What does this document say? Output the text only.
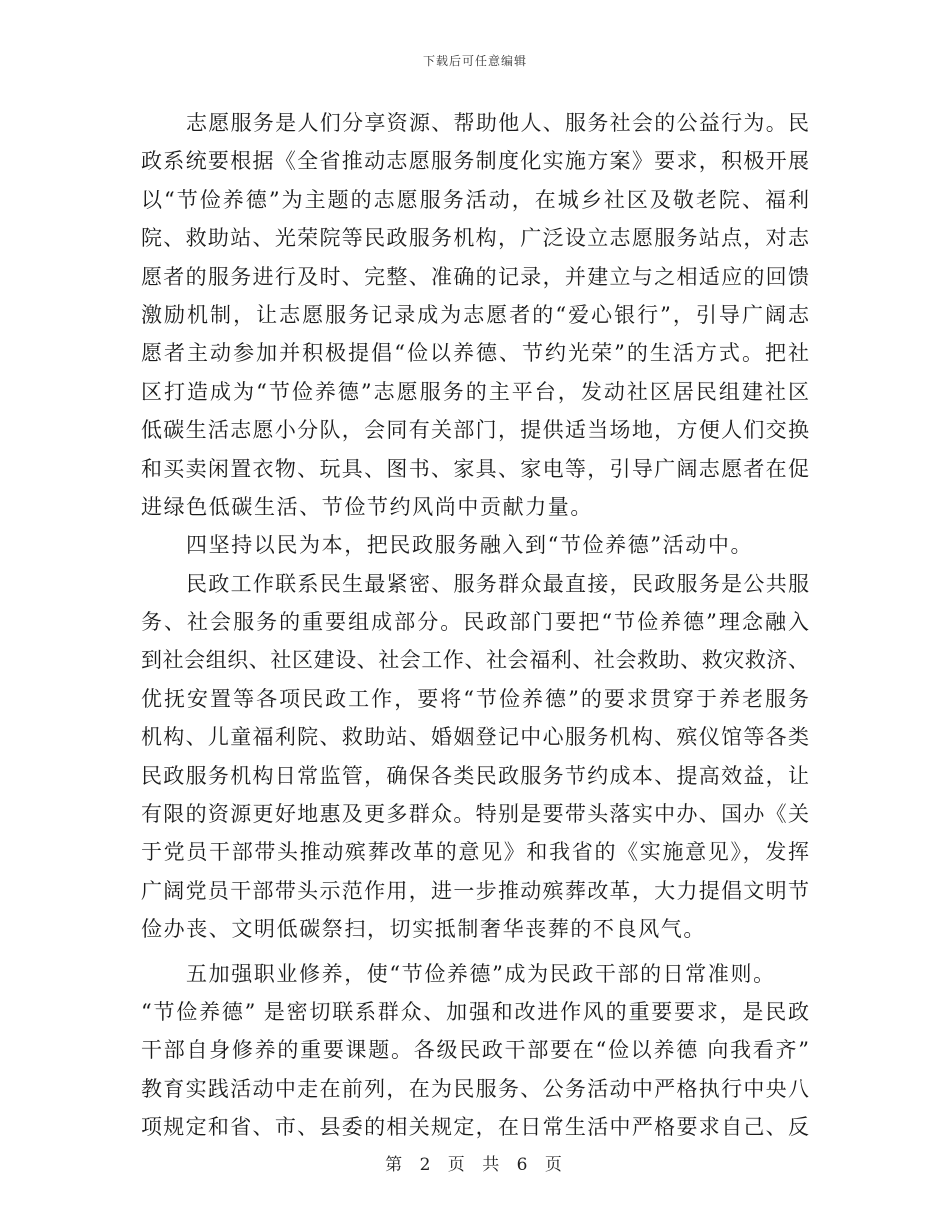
下载后可任意编辑
志愿服务是人们分享资源、帮助他人、服务社会的公益行为。民
政系统要根据《全省推动志愿服务制度化实施方案》要求，积极开展
以“节俭养德”为主题的志愿服务活动，在城乡社区及敬老院、福利
院、救助站、光荣院等民政服务机构，广泛设立志愿服务站点，对志
愿者的服务进行及时、完整、准确的记录，并建立与之相适应的回馈
激励机制，让志愿服务记录成为志愿者的“爱心银行”，引导广阔志
愿者主动参加并积极提倡“俭以养德、节约光荣”的生活方式。把社
区打造成为“节俭养德”志愿服务的主平台，发动社区居民组建社区
低碳生活志愿小分队，会同有关部门，提供适当场地，方便人们交换
和买卖闲置衣物、玩具、图书、家具、家电等，引导广阔志愿者在促
进绿色低碳生活、节俭节约风尚中贡献力量。
四坚持以民为本，把民政服务融入到“节俭养德”活动中。
民政工作联系民生最紧密、服务群众最直接，民政服务是公共服
务、社会服务的重要组成部分。民政部门要把“节俭养德”理念融入
到社会组织、社区建设、社会工作、社会福利、社会救助、救灾救济、
优抚安置等各项民政工作，要将“节俭养德”的要求贯穿于养老服务
机构、儿童福利院、救助站、婚姻登记中心服务机构、殡仪馆等各类
民政服务机构日常监管，确保各类民政服务节约成本、提高效益，让
有限的资源更好地惠及更多群众。特别是要带头落实中办、国办《关
于党员干部带头推动殡葬改革的意见》和我省的《实施意见》，发挥
广阔党员干部带头示范作用，进一步推动殡葬改革，大力提倡文明节
俭办丧、文明低碳祭扫，切实抵制奢华丧葬的不良风气。
五加强职业修养，使“节俭养德”成为民政干部的日常准则。
“节俭养德” 是密切联系群众、加强和改进作风的重要要求，是民政
干部自身修养的重要课题。各级民政干部要在“俭以养德 向我看齐”
教育实践活动中走在前列，在为民服务、公务活动中严格执行中央八
项规定和省、市、县委的相关规定，在日常生活中严格要求自己、反
第 2 页 共 6 页
